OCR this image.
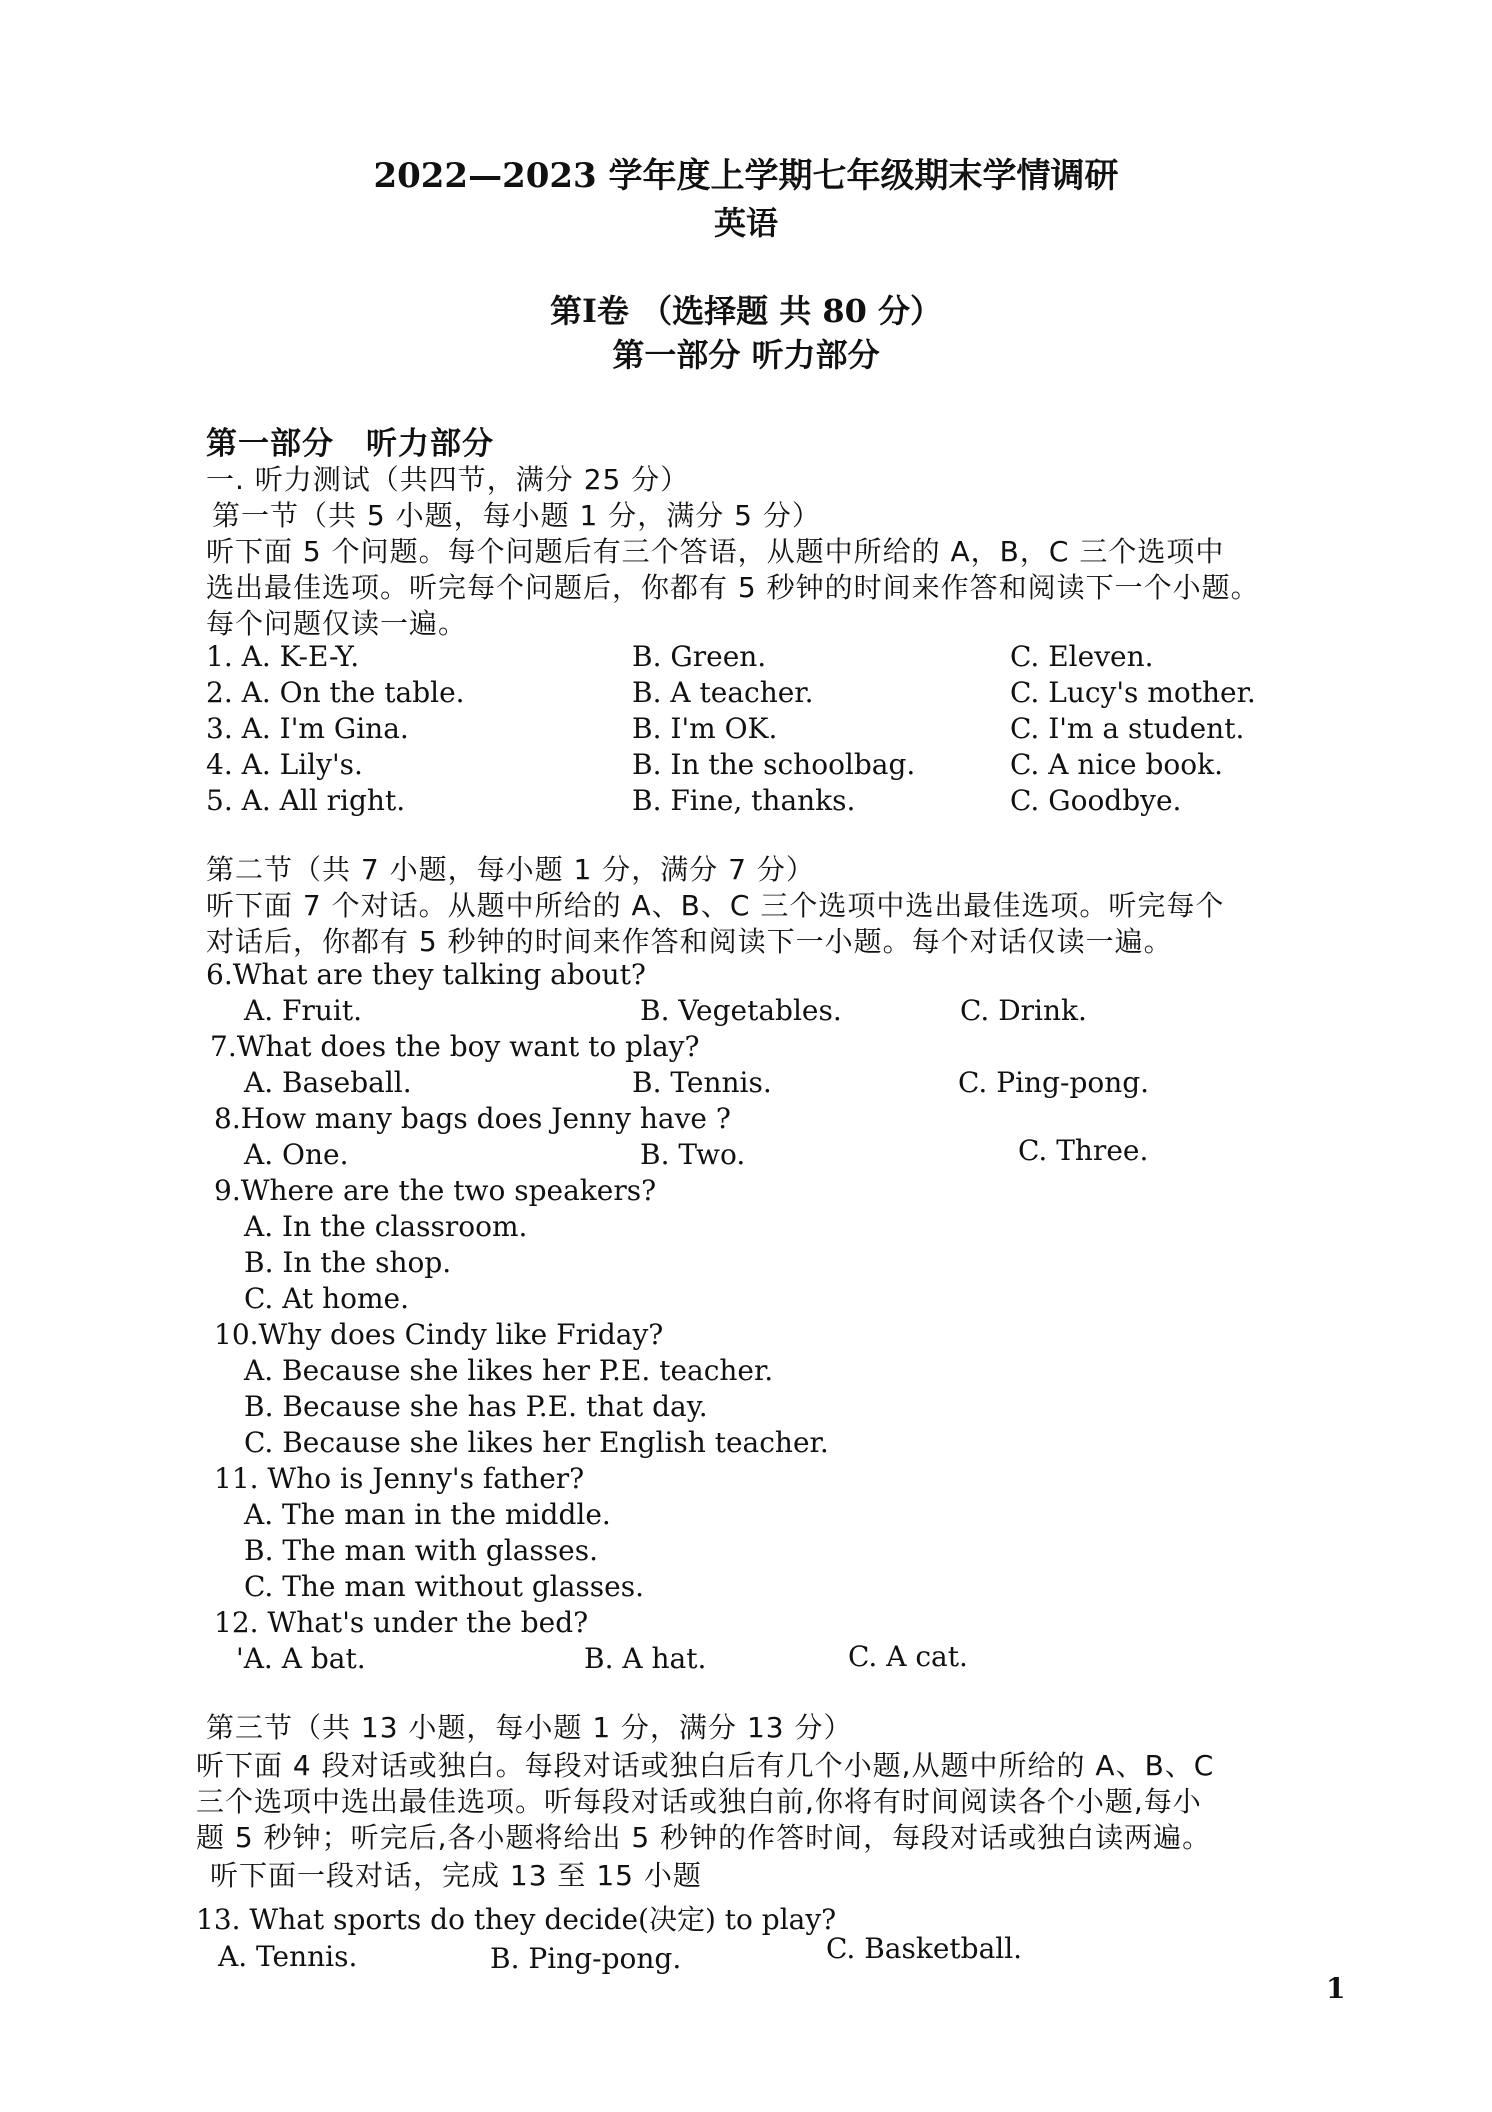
2022—2023 学年度上学期七年级期末学情调研
英语
第Ⅰ卷 （选择题 共 80 分）
第一部分 听力部分
第一部分　听力部分
一. 听力测试（共四节，满分 25 分）
第一节（共 5 小题，每小题 1 分，满分 5 分）
听下面 5 个问题。每个问题后有三个答语，从题中所给的 A，B，C 三个选项中
选出最佳选项。听完每个问题后，你都有 5 秒钟的时间来作答和阅读下一个小题。
每个问题仅读一遍。
1. A. K-E-Y.	B. Green.	C. Eleven.
2. A. On the table.	B. A teacher.	C. Lucy's mother.
3. A. I'm Gina.	B. I'm OK.	C. I'm a student.
4. A. Lily's.	B. In the schoolbag.	C. A nice book.
5. A. All right.	B. Fine, thanks.	C. Goodbye.
第二节（共 7 小题，每小题 1 分，满分 7 分）
听下面 7 个对话。从题中所给的 A、B、C 三个选项中选出最佳选项。听完每个
对话后，你都有 5 秒钟的时间来作答和阅读下一小题。每个对话仅读一遍。
6.What are they talking about?
A. Fruit.	B. Vegetables.	C. Drink.
7.What does the boy want to play?
A. Baseball.	B. Tennis.	C. Ping-pong.
8.How many bags does Jenny have ?
A. One.	B. Two.	C. Three.
9.Where are the two speakers?
A. In the classroom.
B. In the shop.
C. At home.
10.Why does Cindy like Friday?
A. Because she likes her P.E. teacher.
B. Because she has P.E. that day.
C. Because she likes her English teacher.
11. Who is Jenny's father?
A. The man in the middle.
B. The man with glasses.
C. The man without glasses.
12. What's under the bed?
'A. A bat.	B. A hat.	C. A cat.
第三节（共 13 小题，每小题 1 分，满分 13 分）
听下面 4 段对话或独白。每段对话或独白后有几个小题,从题中所给的 A、B、C
三个选项中选出最佳选项。听每段对话或独白前,你将有时间阅读各个小题,每小
题 5 秒钟；听完后,各小题将给出 5 秒钟的作答时间，每段对话或独白读两遍。
听下面一段对话，完成 13 至 15 小题
13. What sports do they decide(决定) to play?
A. Tennis.	B. Ping-pong.	C. Basketball.
1
